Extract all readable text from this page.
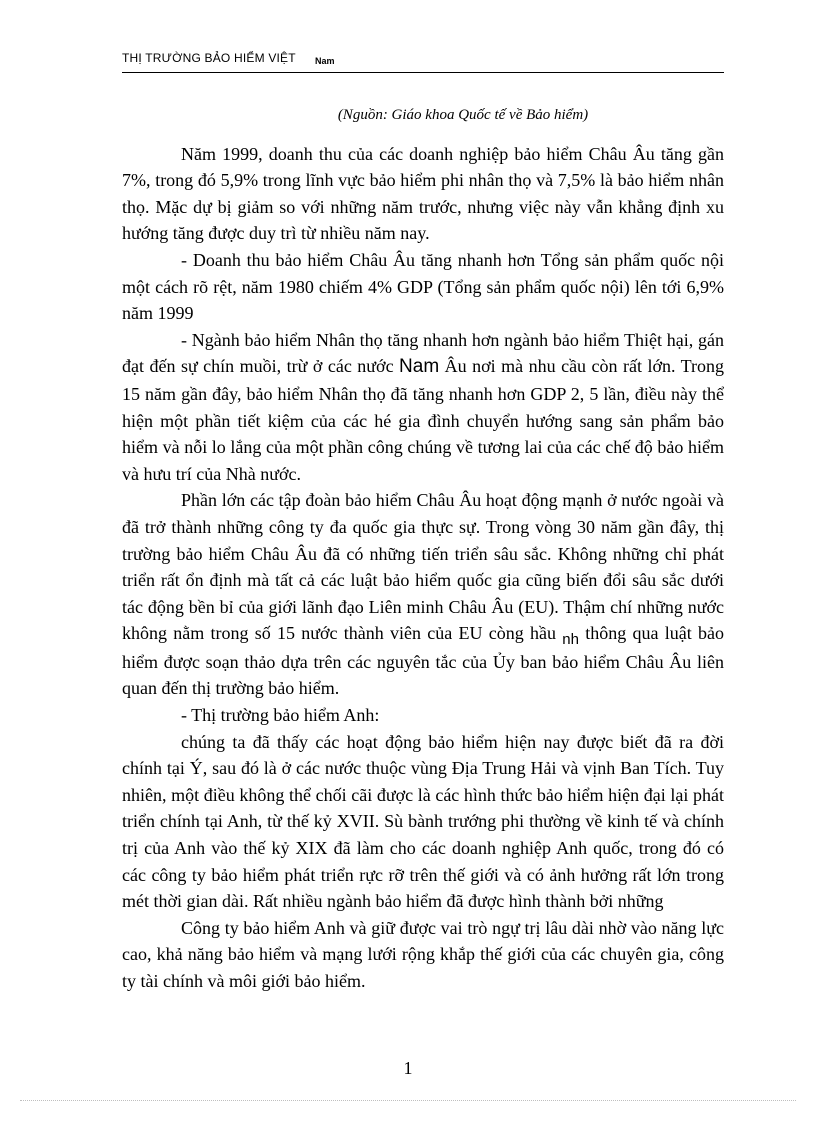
THỊ TRƯỜNG BẢO HIỂM VIỆT Nam

(Nguồn: Giáo khoa Quốc tế về Bảo hiểm)

Năm 1999, doanh thu của các doanh nghiệp bảo hiểm Châu Âu tăng gần 7%, trong đó 5,9% trong lĩnh vực bảo hiểm phi nhân thọ và 7,5% là bảo hiểm nhân thọ. Mặc dự bị giảm so với những năm trước, nhưng việc này vẫn khẳng định xu hướng tăng được duy trì từ nhiều năm nay.

- Doanh thu bảo hiểm Châu Âu tăng nhanh hơn Tổng sản phẩm quốc nội một cách rõ rệt, năm 1980 chiếm 4% GDP (Tổng sản phẩm quốc nội) lên tới 6,9% năm 1999

- Ngành bảo hiểm Nhân thọ tăng nhanh hơn ngành bảo hiểm Thiệt hại, gán đạt đến sự chín muồi, trừ ở các nước Nam Âu nơi mà nhu cầu còn rất lớn. Trong 15 năm gần đây, bảo hiểm Nhân thọ đã tăng nhanh hơn GDP 2, 5 lần, điều này thể hiện một phần tiết kiệm của các hé gia đình chuyển hướng sang sản phẩm bảo hiểm và nỗi lo lắng của một phần công chúng về tương lai của các chế độ bảo hiểm và hưu trí của Nhà nước.

Phần lớn các tập đoàn bảo hiểm Châu Âu hoạt động mạnh ở nước ngoài và đã trở thành những công ty đa quốc gia thực sự. Trong vòng 30 năm gần đây, thị trường bảo hiểm Châu Âu đã có những tiến triển sâu sắc. Không những chỉ phát triển rất ổn định mà tất cả các luật bảo hiểm quốc gia cũng biến đổi sâu sắc dưới tác động bền bỉ của giới lãnh đạo Liên minh Châu Âu (EU). Thậm chí những nước không nằm trong số 15 nước thành viên của EU còng hầu $_{nh}$ thông qua luật bảo hiểm được soạn thảo dựa trên các nguyên tắc của Ủy ban bảo hiểm Châu Âu liên quan đến thị trường bảo hiểm.

- Thị trường bảo hiểm Anh:

chúng ta đã thấy các hoạt động bảo hiểm hiện nay được biết đã ra đời chính tại Ý, sau đó là ở các nước thuộc vùng Địa Trung Hải và vịnh Ban Tích. Tuy nhiên, một điều không thể chối cãi được là các hình thức bảo hiểm hiện đại lại phát triển chính tại Anh, từ thế kỷ XVII. Sù bành trướng phi thường về kinh tế và chính trị của Anh vào thế kỷ XIX đã làm cho các doanh nghiệp Anh quốc, trong đó có các công ty bảo hiểm phát triển rực rỡ trên thế giới và có ảnh hưởng rất lớn trong mét thời gian dài. Rất nhiều ngành bảo hiểm đã được hình thành bởi những

Công ty bảo hiểm Anh và giữ được vai trò ngự trị lâu dài nhờ vào năng lực cao, khả năng bảo hiểm và mạng lưới rộng khắp thế giới của các chuyên gia, công ty tài chính và môi giới bảo hiểm.

1
